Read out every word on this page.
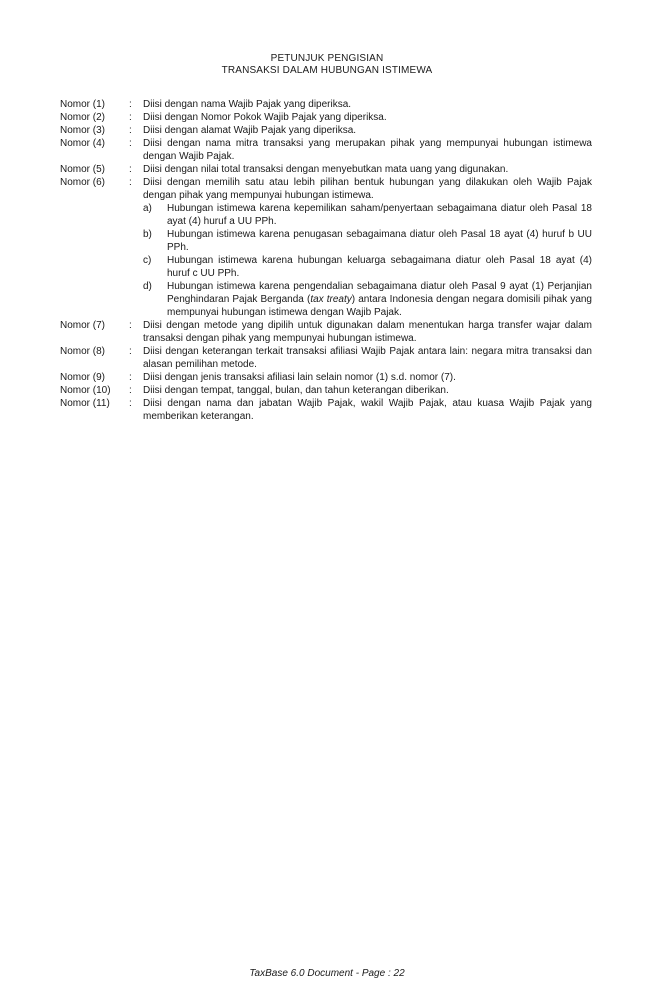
PETUNJUK PENGISIAN
TRANSAKSI DALAM HUBUNGAN ISTIMEWA
Nomor (1)	:	Diisi dengan nama Wajib Pajak yang diperiksa.
Nomor (2)	:	Diisi dengan Nomor Pokok Wajib Pajak yang diperiksa.
Nomor (3)	:	Diisi dengan alamat Wajib Pajak yang diperiksa.
Nomor (4)	:	Diisi dengan nama mitra transaksi yang merupakan pihak yang mempunyai hubungan istimewa dengan Wajib Pajak.
Nomor (5)	:	Diisi dengan nilai total transaksi dengan menyebutkan mata uang yang digunakan.
Nomor (6)	:	Diisi dengan memilih satu atau lebih pilihan bentuk hubungan yang dilakukan oleh Wajib Pajak dengan pihak yang mempunyai hubungan istimewa.
a)	Hubungan istimewa karena kepemilikan saham/penyertaan sebagaimana diatur oleh Pasal 18 ayat (4) huruf a UU PPh.
b)	Hubungan istimewa karena penugasan sebagaimana diatur oleh Pasal 18 ayat (4) huruf b UU PPh.
c)	Hubungan istimewa karena hubungan keluarga sebagaimana diatur oleh Pasal 18 ayat (4) huruf c UU PPh.
d)	Hubungan istimewa karena pengendalian sebagaimana diatur oleh Pasal 9 ayat (1) Perjanjian Penghindaran Pajak Berganda (tax treaty) antara Indonesia dengan negara domisili pihak yang mempunyai hubungan istimewa dengan Wajib Pajak.
Nomor (7)	:	Diisi dengan metode yang dipilih untuk digunakan dalam menentukan harga transfer wajar dalam transaksi dengan pihak yang mempunyai hubungan istimewa.
Nomor (8)	:	Diisi dengan keterangan terkait transaksi afiliasi Wajib Pajak antara lain: negara mitra transaksi dan alasan pemilihan metode.
Nomor (9)	:	Diisi dengan jenis transaksi afiliasi lain selain nomor (1) s.d. nomor (7).
Nomor (10)	:	Diisi dengan tempat, tanggal, bulan, dan tahun keterangan diberikan.
Nomor (11)	:	Diisi dengan nama dan jabatan Wajib Pajak, wakil Wajib Pajak, atau kuasa Wajib Pajak yang memberikan keterangan.
TaxBase 6.0 Document - Page : 22
